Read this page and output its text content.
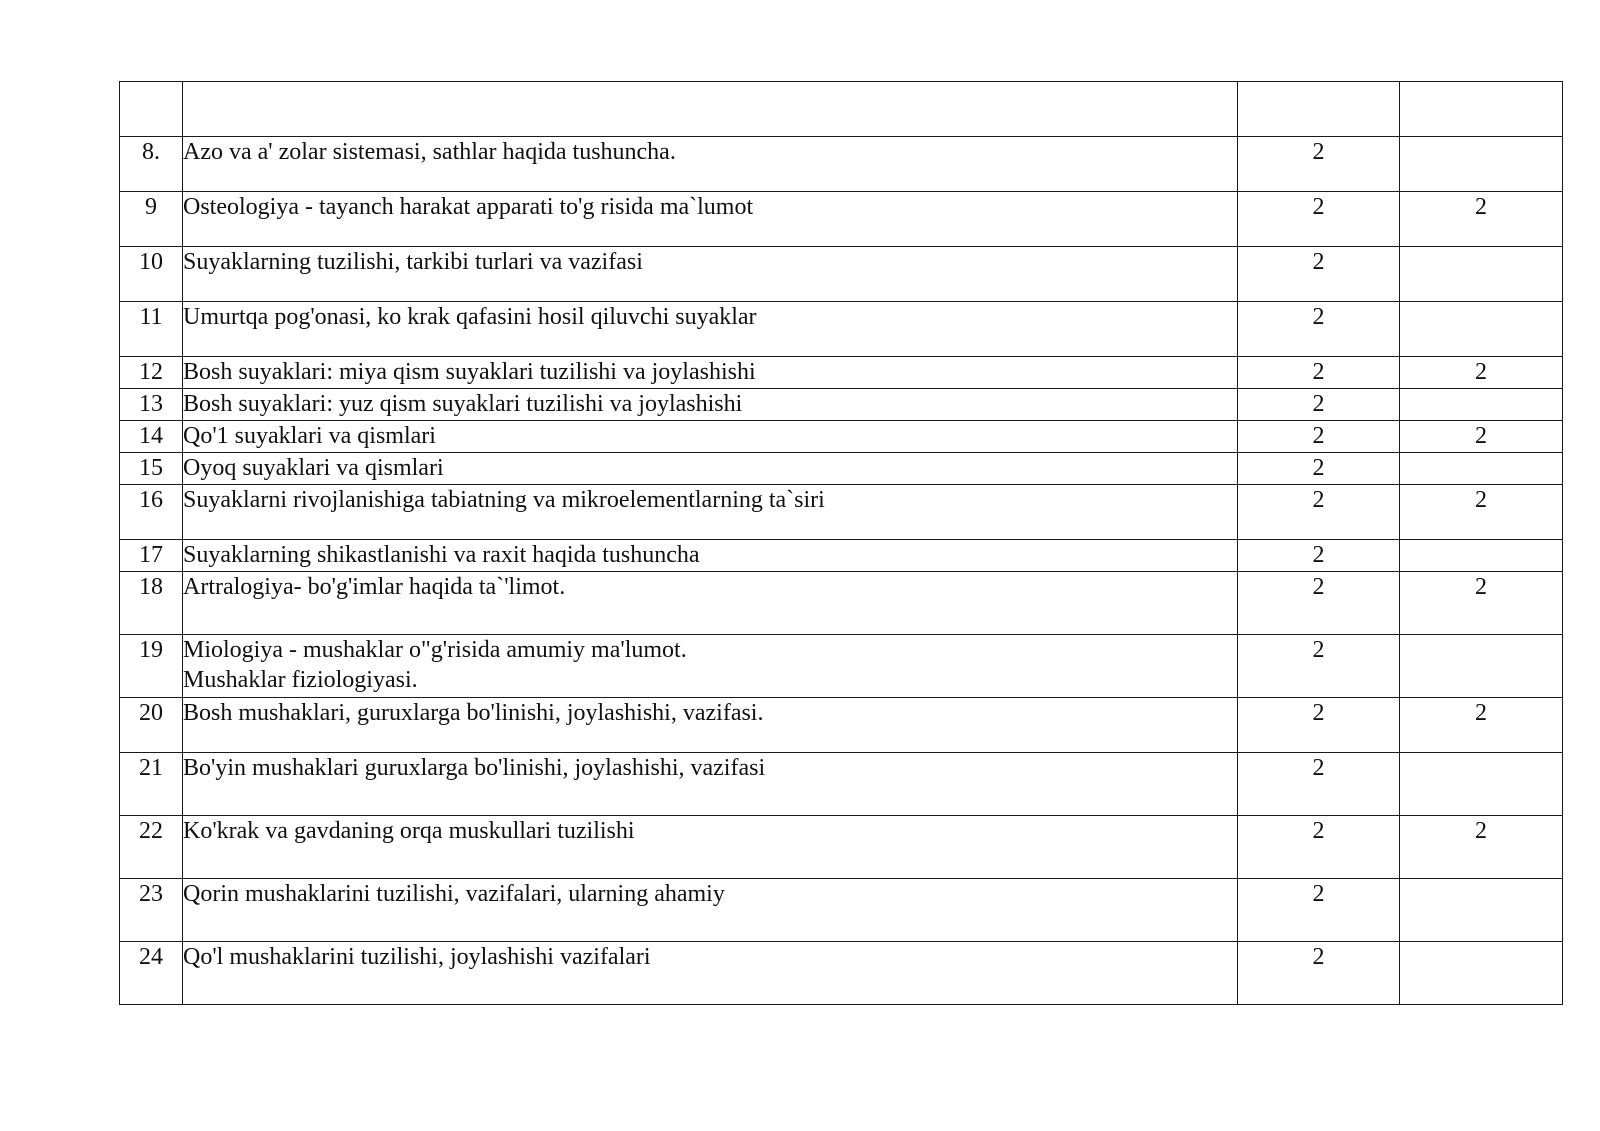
8.	Azo va a' zolar sistemasi, sathlar haqida tushuncha.	2	
9	Osteologiya - tayanch harakat apparati to'g risida ma`lumot	2	2
10	Suyaklarning tuzilishi, tarkibi turlari va vazifasi	2	
11	Umurtqa pog'onasi, ko krak qafasini hosil qiluvchi suyaklar	2	
12	Bosh suyaklari: miya qism suyaklari tuzilishi va joylashishi	2	2
13	Bosh suyaklari: yuz qism suyaklari tuzilishi va joylashishi	2	
14	Qo'1 suyaklari va qismlari	2	2
15	Oyoq suyaklari va qismlari	2	
16	Suyaklarni rivojlanishiga tabiatning va mikroelementlarning ta`siri	2	2
17	Suyaklarning shikastlanishi va raxit haqida tushuncha	2	
18	Artralogiya- bo'g'imlar haqida ta`'limot.	2	2
19	Miologiya - mushaklar o"g'risida amumiy ma'lumot.
Mushaklar fiziologiyasi.	2	
20	Bosh mushaklari, guruxlarga bo'linishi, joylashishi, vazifasi.	2	2
21	Bo'yin mushaklari guruxlarga bo'linishi, joylashishi, vazifasi	2	
22	Ko'krak va gavdaning orqa muskullari tuzilishi	2	2
23	Qorin mushaklarini tuzilishi, vazifalari, ularning ahamiy	2	
24	Qo'l mushaklarini tuzilishi, joylashishi vazifalari	2	
